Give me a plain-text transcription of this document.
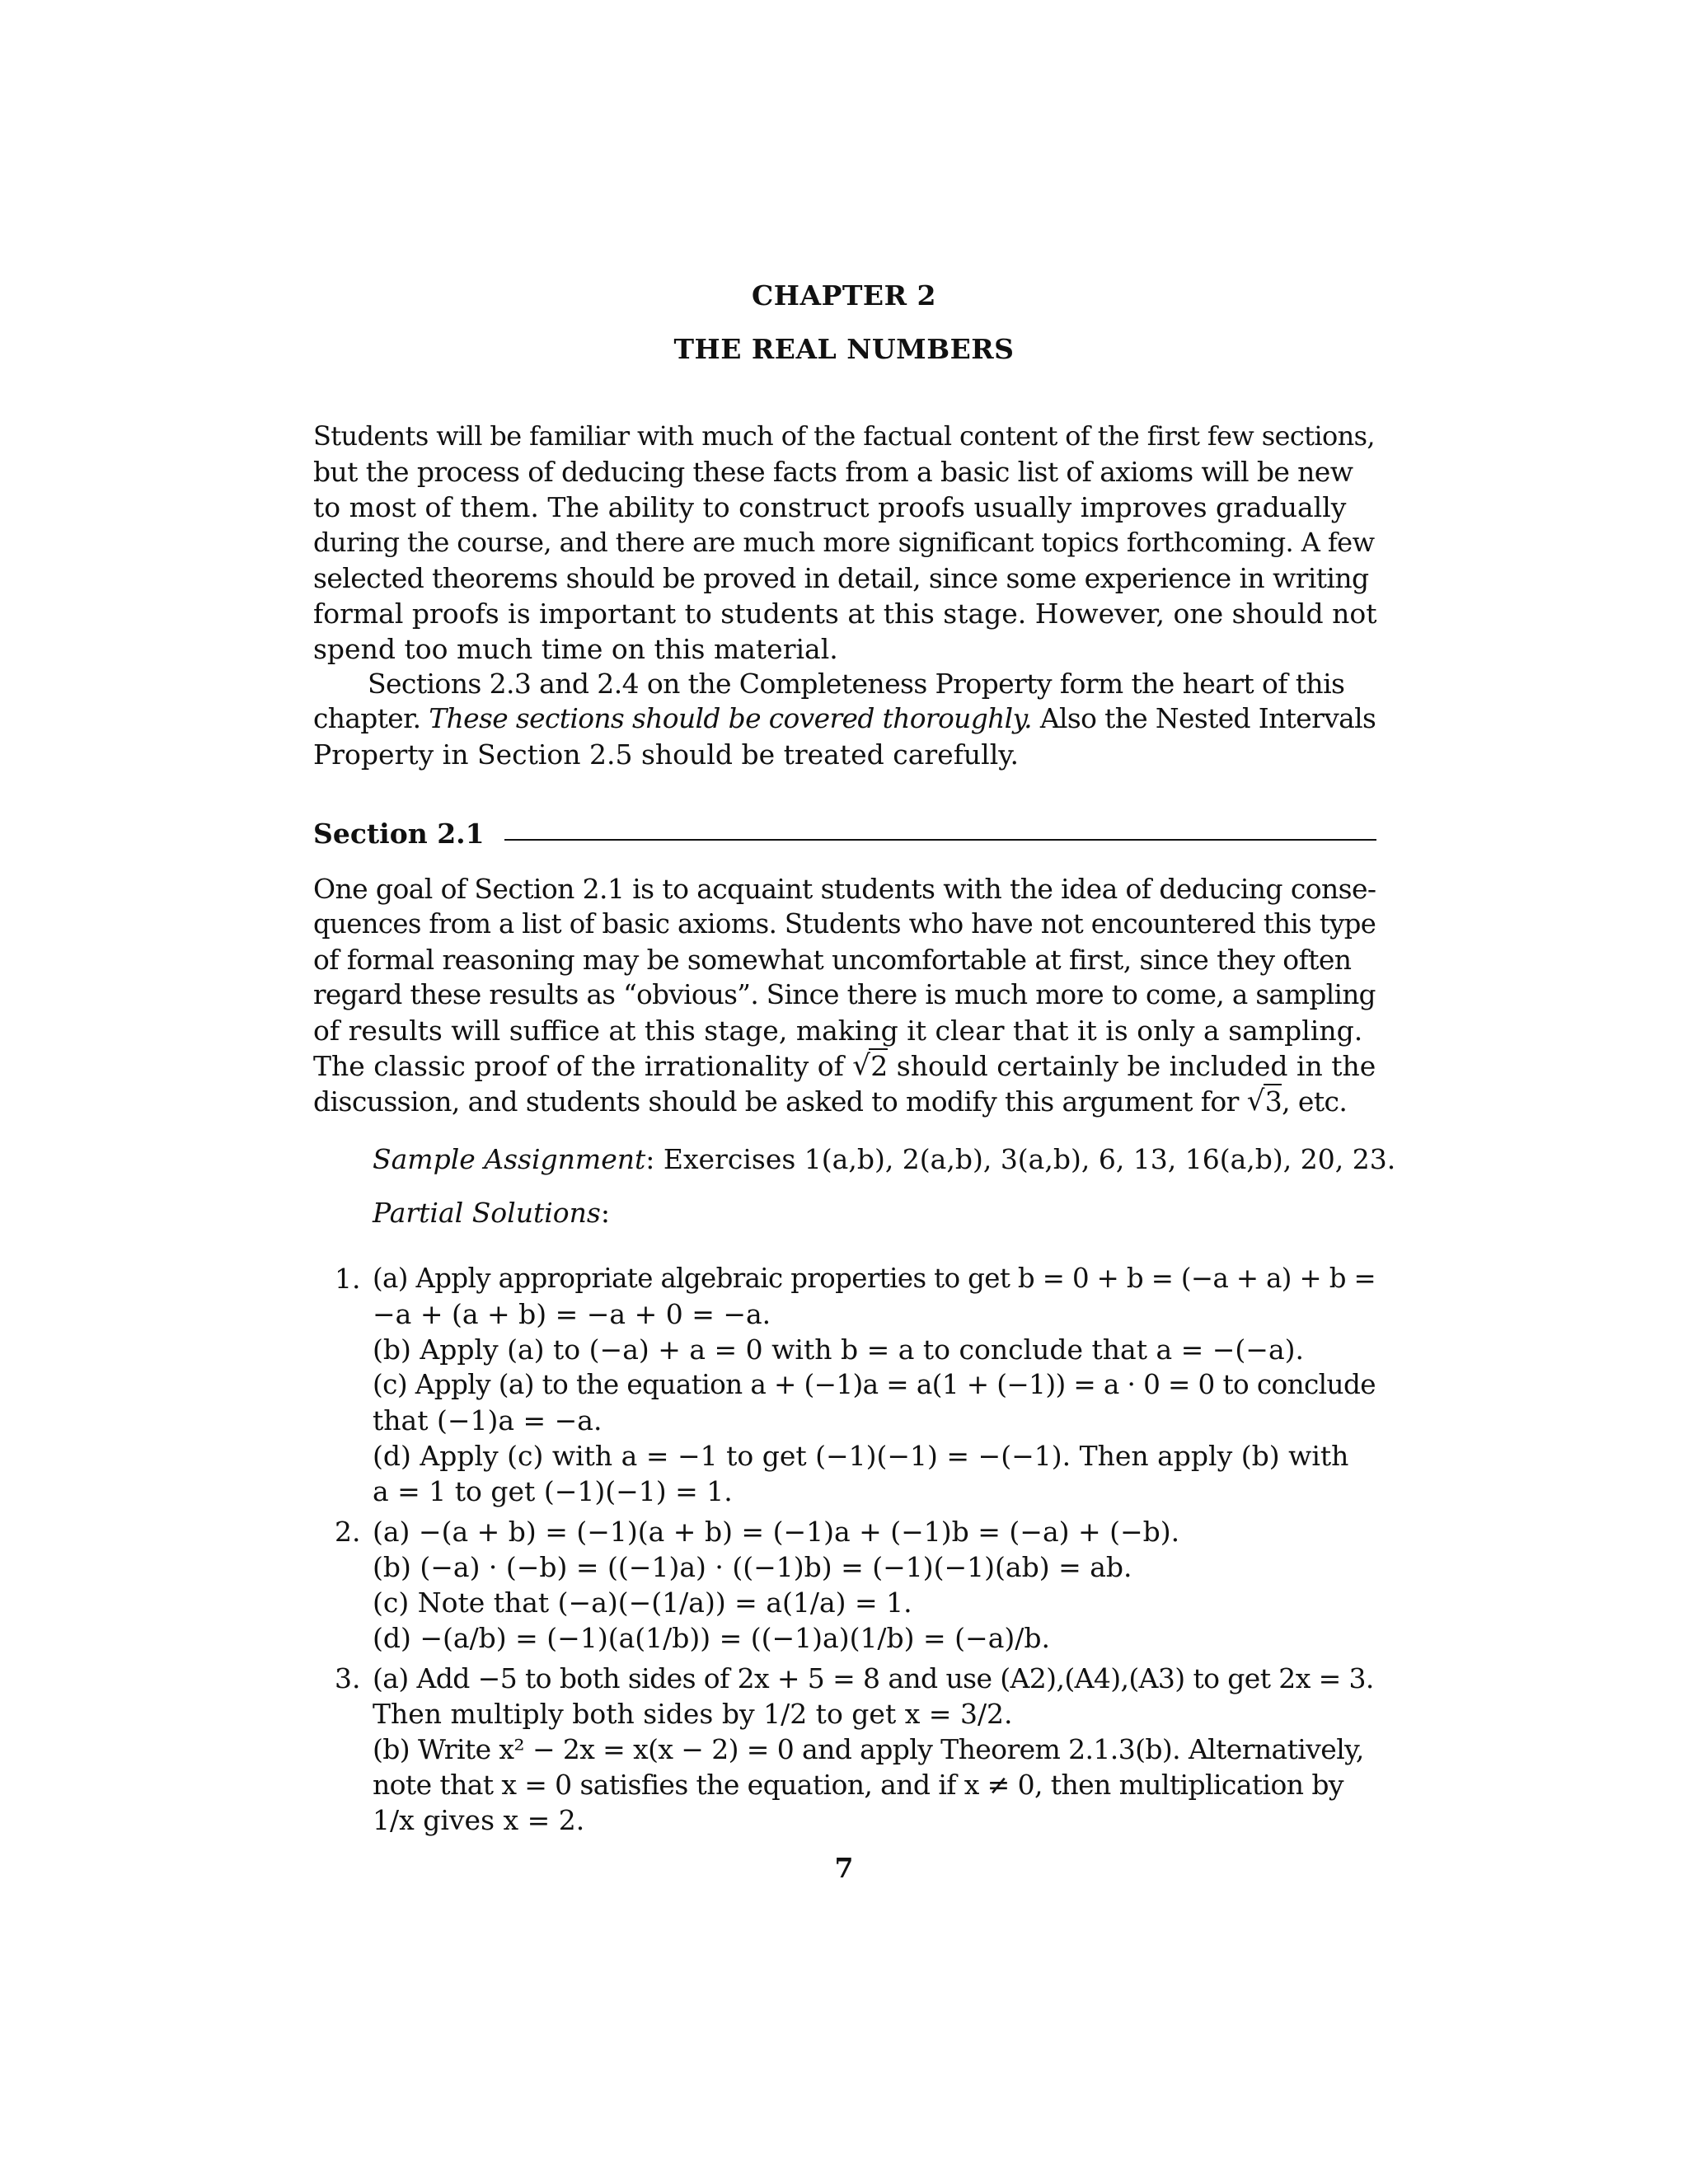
CHAPTER 2
THE REAL NUMBERS
Students will be familiar with much of the factual content of the first few sections,
but the process of deducing these facts from a basic list of axioms will be new
to most of them. The ability to construct proofs usually improves gradually
during the course, and there are much more significant topics forthcoming. A few
selected theorems should be proved in detail, since some experience in writing
formal proofs is important to students at this stage. However, one should not
spend too much time on this material.
Sections 2.3 and 2.4 on the Completeness Property form the heart of this
chapter. These sections should be covered thoroughly. Also the Nested Intervals
Property in Section 2.5 should be treated carefully.
Section 2.1
One goal of Section 2.1 is to acquaint students with the idea of deducing conse-
quences from a list of basic axioms. Students who have not encountered this type
of formal reasoning may be somewhat uncomfortable at first, since they often
regard these results as “obvious”. Since there is much more to come, a sampling
of results will suffice at this stage, making it clear that it is only a sampling.
The classic proof of the irrationality of √ 2 should certainly be included in the
discussion, and students should be asked to modify this argument for √ 3, etc.
Sample Assignment: Exercises 1(a,b), 2(a,b), 3(a,b), 6, 13, 16(a,b), 20, 23.
Partial Solutions:
1. (a) Apply appropriate algebraic properties to get b = 0 + b = (−a + a) + b =
−a + (a + b) = −a + 0 = −a.
(b) Apply (a) to (−a) + a = 0 with b = a to conclude that a = −(−a).
(c) Apply (a) to the equation a + (−1)a = a(1 + (−1)) = a · 0 = 0 to conclude
that (−1)a = −a.
(d) Apply (c) with a = −1 to get (−1)(−1) = −(−1). Then apply (b) with
a = 1 to get (−1)(−1) = 1.
2. (a) −(a + b) = (−1)(a + b) = (−1)a + (−1)b = (−a) + (−b).
(b) (−a) · (−b) = ((−1)a) · ((−1)b) = (−1)(−1)(ab) = ab.
(c) Note that (−a)(−(1/a)) = a(1/a) = 1.
(d) −(a/b) = (−1)(a(1/b)) = ((−1)a)(1/b) = (−a)/b.
3. (a) Add −5 to both sides of 2x + 5 = 8 and use (A2),(A4),(A3) to get 2x = 3.
Then multiply both sides by 1/2 to get x = 3/2.
(b) Write x² − 2x = x(x − 2) = 0 and apply Theorem 2.1.3(b). Alternatively,
note that x = 0 satisfies the equation, and if x ≠ 0, then multiplication by
1/x gives x = 2.
7
